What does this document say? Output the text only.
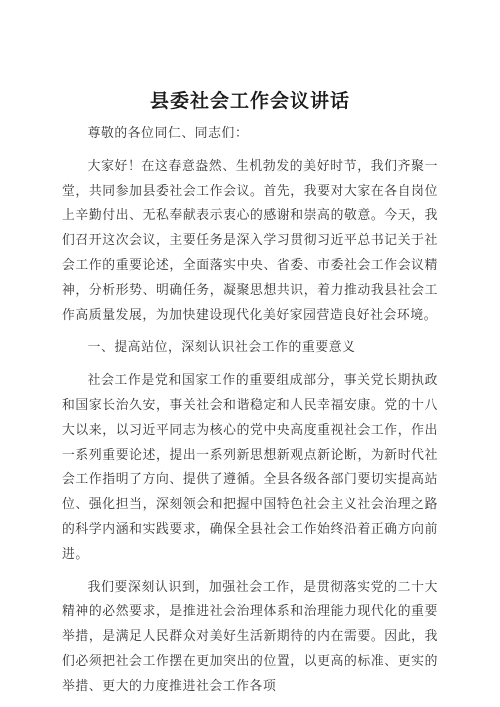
县委社会工作会议讲话

尊敬的各位同仁、同志们：

大家好！在这春意盎然、生机勃发的美好时节，我们齐聚一堂，共同参加县委社会工作会议。首先，我要对大家在各自岗位上辛勤付出、无私奉献表示衷心的感谢和崇高的敬意。今天，我们召开这次会议，主要任务是深入学习贯彻习近平总书记关于社会工作的重要论述，全面落实中央、省委、市委社会工作会议精神，分析形势、明确任务，凝聚思想共识，着力推动我县社会工作高质量发展，为加快建设现代化美好家园营造良好社会环境。

一、提高站位，深刻认识社会工作的重要意义

社会工作是党和国家工作的重要组成部分，事关党长期执政和国家长治久安，事关社会和谐稳定和人民幸福安康。党的十八大以来，以习近平同志为核心的党中央高度重视社会工作，作出一系列重要论述，提出一系列新思想新观点新论断，为新时代社会工作指明了方向、提供了遵循。全县各级各部门要切实提高站位、强化担当，深刻领会和把握中国特色社会主义社会治理之路的科学内涵和实践要求，确保全县社会工作始终沿着正确方向前进。

我们要深刻认识到，加强社会工作，是贯彻落实党的二十大精神的必然要求，是推进社会治理体系和治理能力现代化的重要举措，是满足人民群众对美好生活新期待的内在需要。因此，我们必须把社会工作摆在更加突出的位置，以更高的标准、更实的举措、更大的力度推进社会工作各项
